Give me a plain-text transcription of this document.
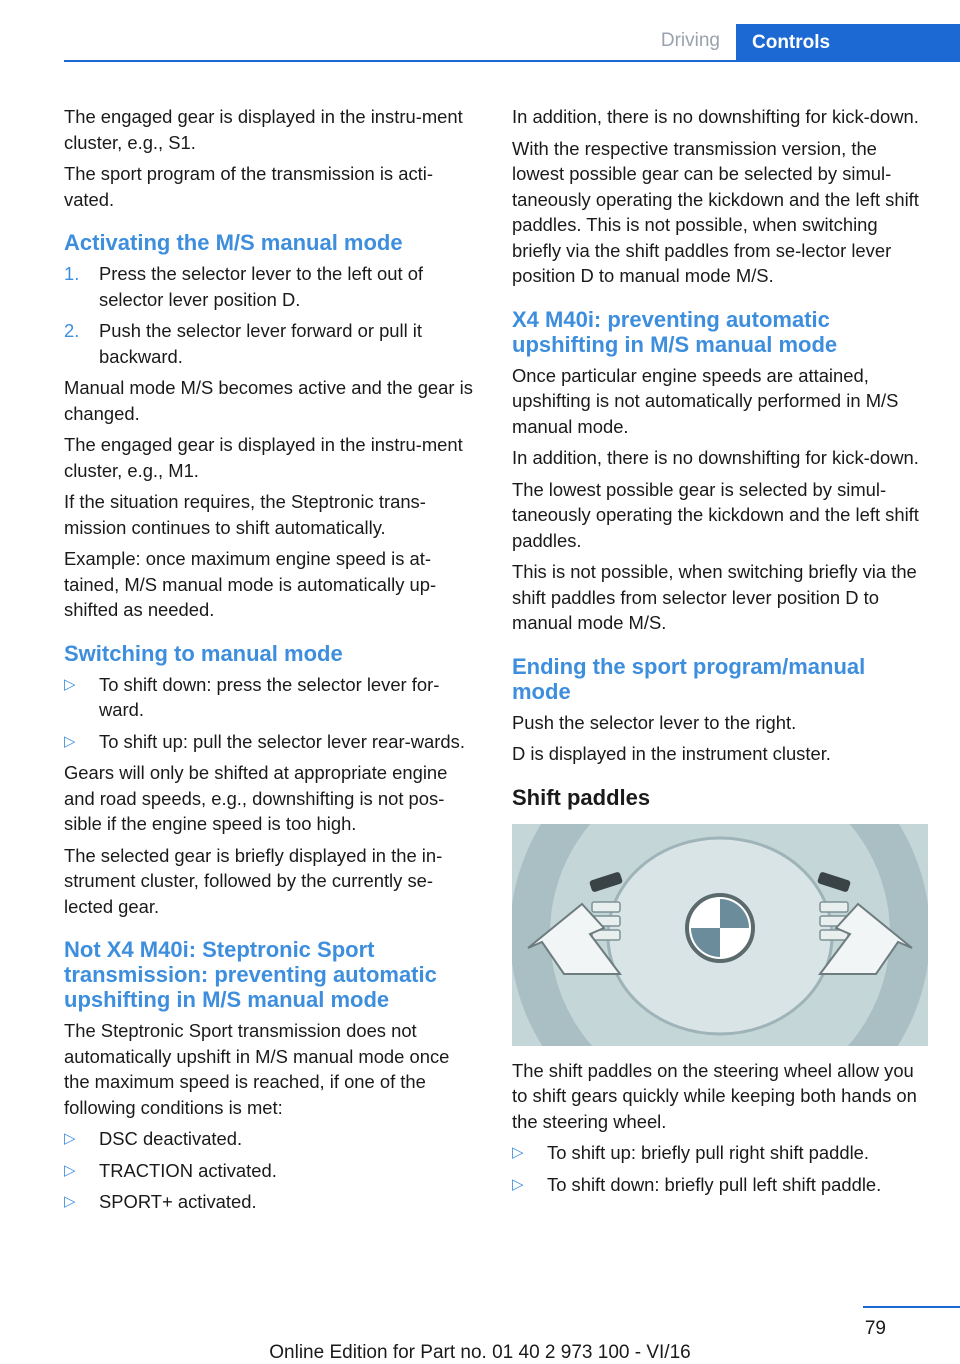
Driving	Controls

The engaged gear is displayed in the instru‐ment cluster, e.g., S1.

The sport program of the transmission is acti‐vated.

Activating the M/S manual mode
1. Press the selector lever to the left out of selector lever position D.
2. Push the selector lever forward or pull it backward.

Manual mode M/S becomes active and the gear is changed.

The engaged gear is displayed in the instru‐ment cluster, e.g., M1.

If the situation requires, the Steptronic trans‐mission continues to shift automatically.

Example: once maximum engine speed is at‐tained, M/S manual mode is automatically up‐shifted as needed.

Switching to manual mode
▷ To shift down: press the selector lever for‐ward.
▷ To shift up: pull the selector lever rear‐wards.

Gears will only be shifted at appropriate engine and road speeds, e.g., downshifting is not pos‐sible if the engine speed is too high.

The selected gear is briefly displayed in the in‐strument cluster, followed by the currently se‐lected gear.

Not X4 M40i: Steptronic Sport transmission: preventing automatic upshifting in M/S manual mode

The Steptronic Sport transmission does not automatically upshift in M/S manual mode once the maximum speed is reached, if one of the following conditions is met:

▷ DSC deactivated.
▷ TRACTION activated.
▷ SPORT+ activated.

In addition, there is no downshifting for kick‐down.

With the respective transmission version, the lowest possible gear can be selected by simul‐taneously operating the kickdown and the left shift paddles. This is not possible, when switching briefly via the shift paddles from se‐lector lever position D to manual mode M/S.

X4 M40i: preventing automatic upshifting in M/S manual mode

Once particular engine speeds are attained, upshifting is not automatically performed in M/S manual mode.

In addition, there is no downshifting for kick‐down.

The lowest possible gear is selected by simul‐taneously operating the kickdown and the left shift paddles.

This is not possible, when switching briefly via the shift paddles from selector lever position D to manual mode M/S.

Ending the sport program/manual mode

Push the selector lever to the right.

D is displayed in the instrument cluster.

Shift paddles

The shift paddles on the steering wheel allow you to shift gears quickly while keeping both hands on the steering wheel.

▷ To shift up: briefly pull right shift paddle.
▷ To shift down: briefly pull left shift paddle.
79
Online Edition for Part no. 01 40 2 973 100 - VI/16
